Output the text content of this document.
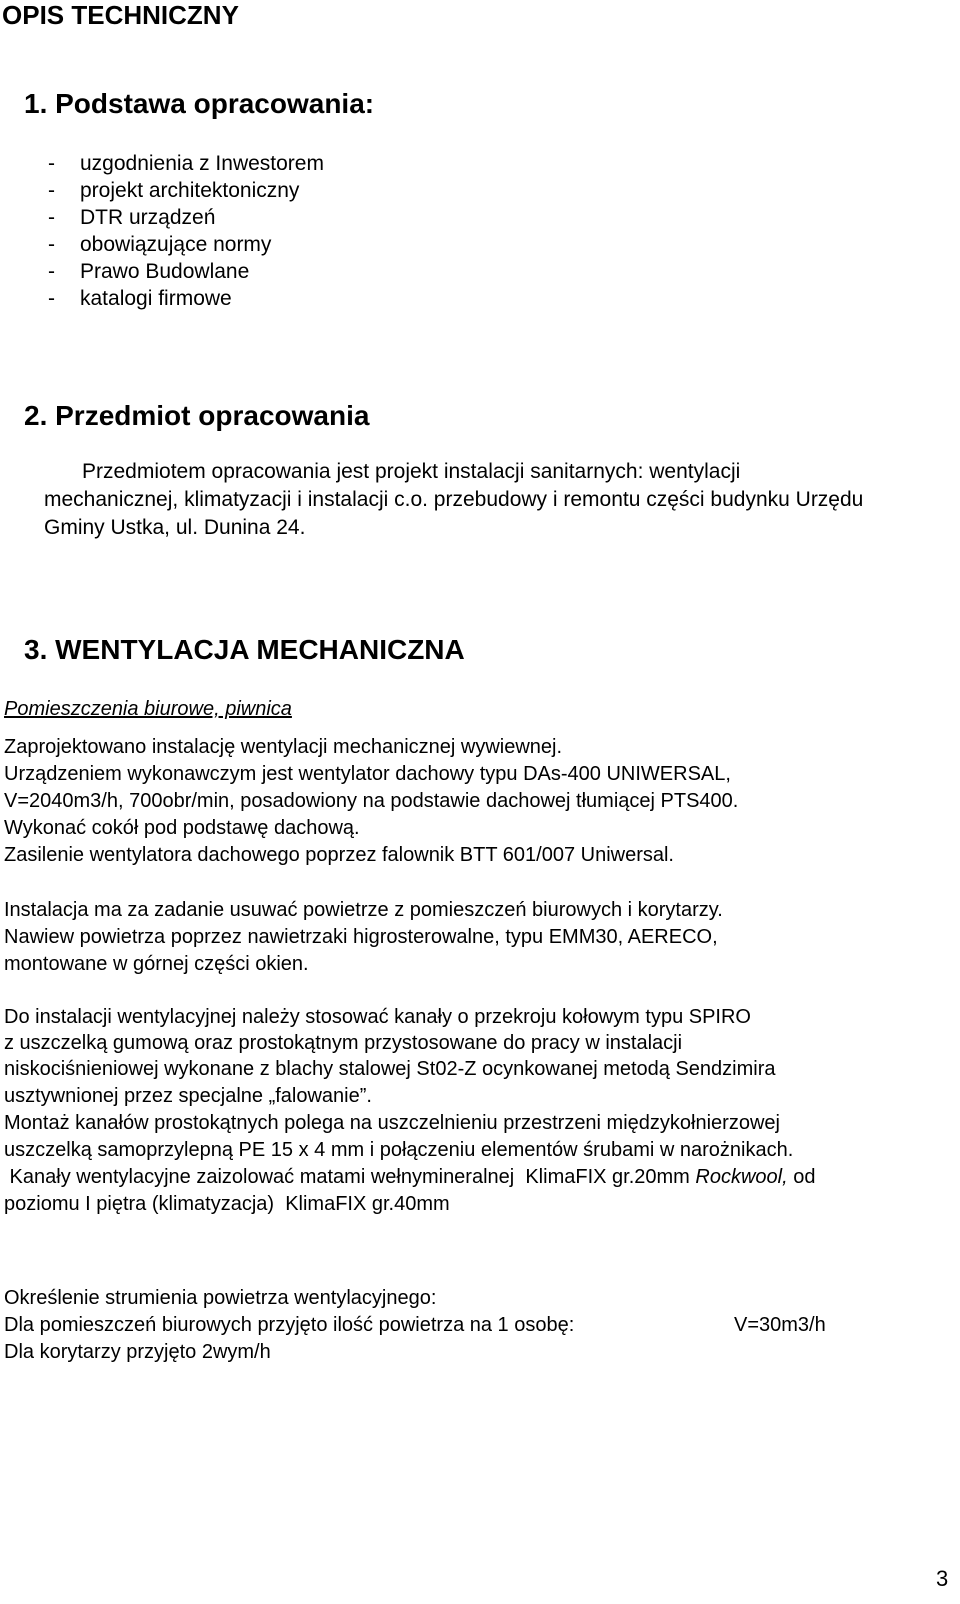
OPIS TECHNICZNY
1. Podstawa opracowania:
- uzgodnienia z Inwestorem
- projekt architektoniczny
- DTR urządzeń
- obowiązujące normy
- Prawo Budowlane
- katalogi firmowe
2. Przedmiot opracowania
Przedmiotem opracowania jest projekt instalacji sanitarnych: wentylacji
mechanicznej, klimatyzacji i instalacji c.o. przebudowy i remontu części budynku Urzędu
Gminy Ustka, ul. Dunina 24.
3. WENTYLACJA MECHANICZNA
Pomieszczenia biurowe, piwnica
Zaprojektowano instalację wentylacji mechanicznej wywiewnej.
Urządzeniem wykonawczym jest wentylator dachowy typu DAs-400 UNIWERSAL,
V=2040m3/h, 700obr/min, posadowiony na podstawie dachowej tłumiącej PTS400.
Wykonać cokół pod podstawę dachową.
Zasilenie wentylatora dachowego poprzez falownik BTT 601/007 Uniwersal.
Instalacja ma za zadanie usuwać powietrze z pomieszczeń biurowych i korytarzy.
Nawiew powietrza poprzez nawietrzaki higrosterowalne, typu EMM30, AERECO,
montowane w górnej części okien.
Do instalacji wentylacyjnej należy stosować kanały o przekroju kołowym typu SPIRO
z uszczelką gumową oraz prostokątnym przystosowane do pracy w instalacji
niskociśnieniowej wykonane z blachy stalowej St02-Z ocynkowanej metodą Sendzimira
usztywnionej przez specjalne „falowanie”.
Montaż kanałów prostokątnych polega na uszczelnieniu przestrzeni międzykołnierzowej
uszczelką samoprzylepną PE 15 x 4 mm i połączeniu elementów śrubami w narożnikach.
Kanały wentylacyjne zaizolować matami wełnymineralnej  KlimaFIX gr.20mm Rockwool, od
poziomu I piętra (klimatyzacja)  KlimaFIX gr.40mm
Określenie strumienia powietrza wentylacyjnego:
Dla pomieszczeń biurowych przyjęto ilość powietrza na 1 osobę:	V=30m3/h
Dla korytarzy przyjęto 2wym/h
3
